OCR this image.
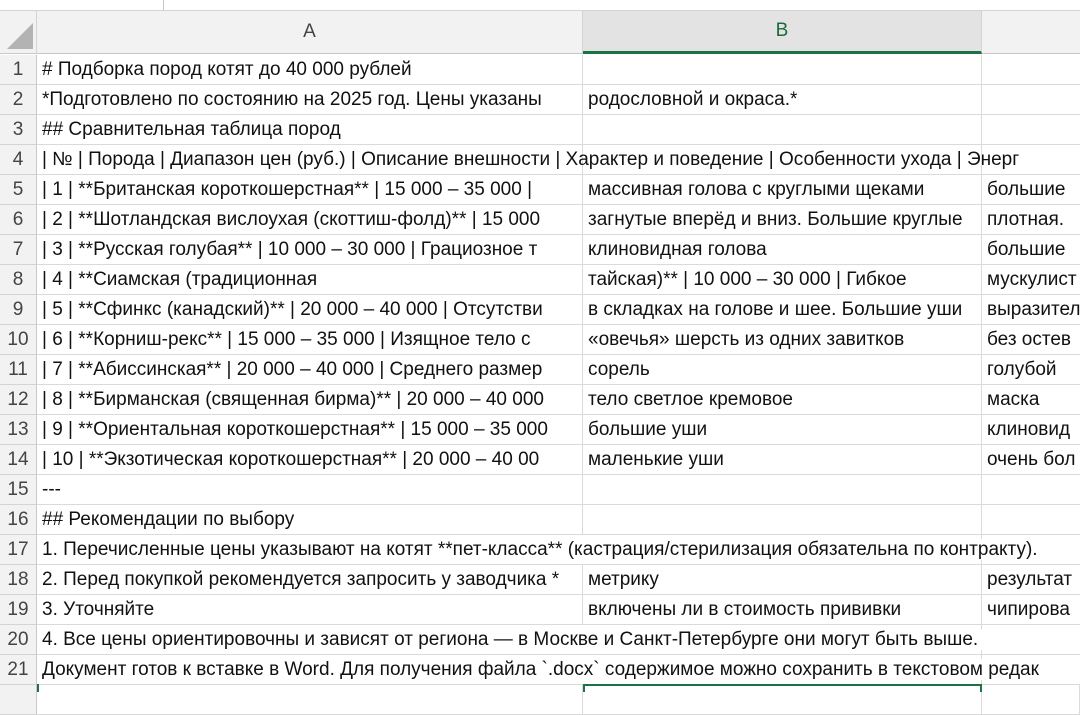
A	B
1 # Подборка пород котят до 40 000 рублей
2 *Подготовлено по состоянию на 2025 год. Цены указаны	родословной и окраса.*
3 ## Сравнительная таблица пород
4 | № | Порода | Диапазон цен (руб.) | Описание внешности | Характер и поведение | Особенности ухода | Энерг
5 | 1 | **Британская короткошерстная** | 15 000 – 35 000 |	массивная голова с круглыми щеками	большие
6 | 2 | **Шотландская вислоухая (скоттиш-фолд)** | 15 000	загнутые вперёд и вниз. Большие круглые	плотная.
7 | 3 | **Русская голубая** | 10 000 – 30 000 | Грациозное т	клиновидная голова	большие
8 | 4 | **Сиамская (традиционная	тайская)** | 10 000 – 30 000 | Гибкое	мускулист
9 | 5 | **Сфинкс (канадский)** | 20 000 – 40 000 | Отсутстви	в складках на голове и шее. Большие уши	выразител
10 | 6 | **Корниш-рекс** | 15 000 – 35 000 | Изящное тело с	«овечья» шерсть из одних завитков	без остев
11 | 7 | **Абиссинская** | 20 000 – 40 000 | Среднего размер	сорель	голубой
12 | 8 | **Бирманская (священная бирма)** | 20 000 – 40 000	тело светлое кремовое	маска
13 | 9 | **Ориентальная короткошерстная** | 15 000 – 35 000	большие уши	клиновид
14 | 10 | **Экзотическая короткошерстная** | 20 000 – 40 00	маленькие уши	очень бол
15 ---
16 ## Рекомендации по выбору
17 1. Перечисленные цены указывают на котят **пет-класса** (кастрация/стерилизация обязательна по контракту).
18 2. Перед покупкой рекомендуется запросить у заводчика *	метрику	результат
19 3. Уточняйте	включены ли в стоимость прививки	чипирова
20 4. Все цены ориентировочны и зависят от региона — в Москве и Санкт-Петербурге они могут быть выше.
21 Документ готов к вставке в Word. Для получения файла `.docx` содержимое можно сохранить в текстовом редак
